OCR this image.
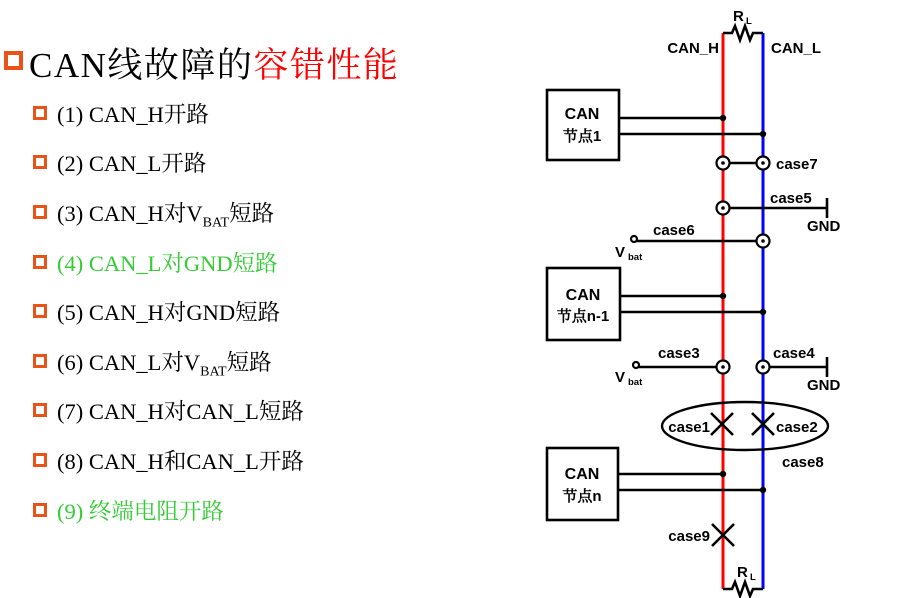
CAN线故障的 容错性能
(1) CAN_H开路
(2) CAN_L开路
(3) CAN_H对$V_{BAT}$短路
(4) CAN_L对GND短路
(5) CAN_H对GND短路
(6) CAN_L对$V_{BAT}$短路
(7) CAN_H对CAN_L短路
(8) CAN_H和CAN_L开路
(9) 终端电阻开路
R L
CAN_H	CAN_L
CAN
节点1
case7
case5
GND
case6
V bat
CAN
节点n-1
case3
V bat
case4
GND
case1	case2
case8
CAN
节点n
case9
R L
